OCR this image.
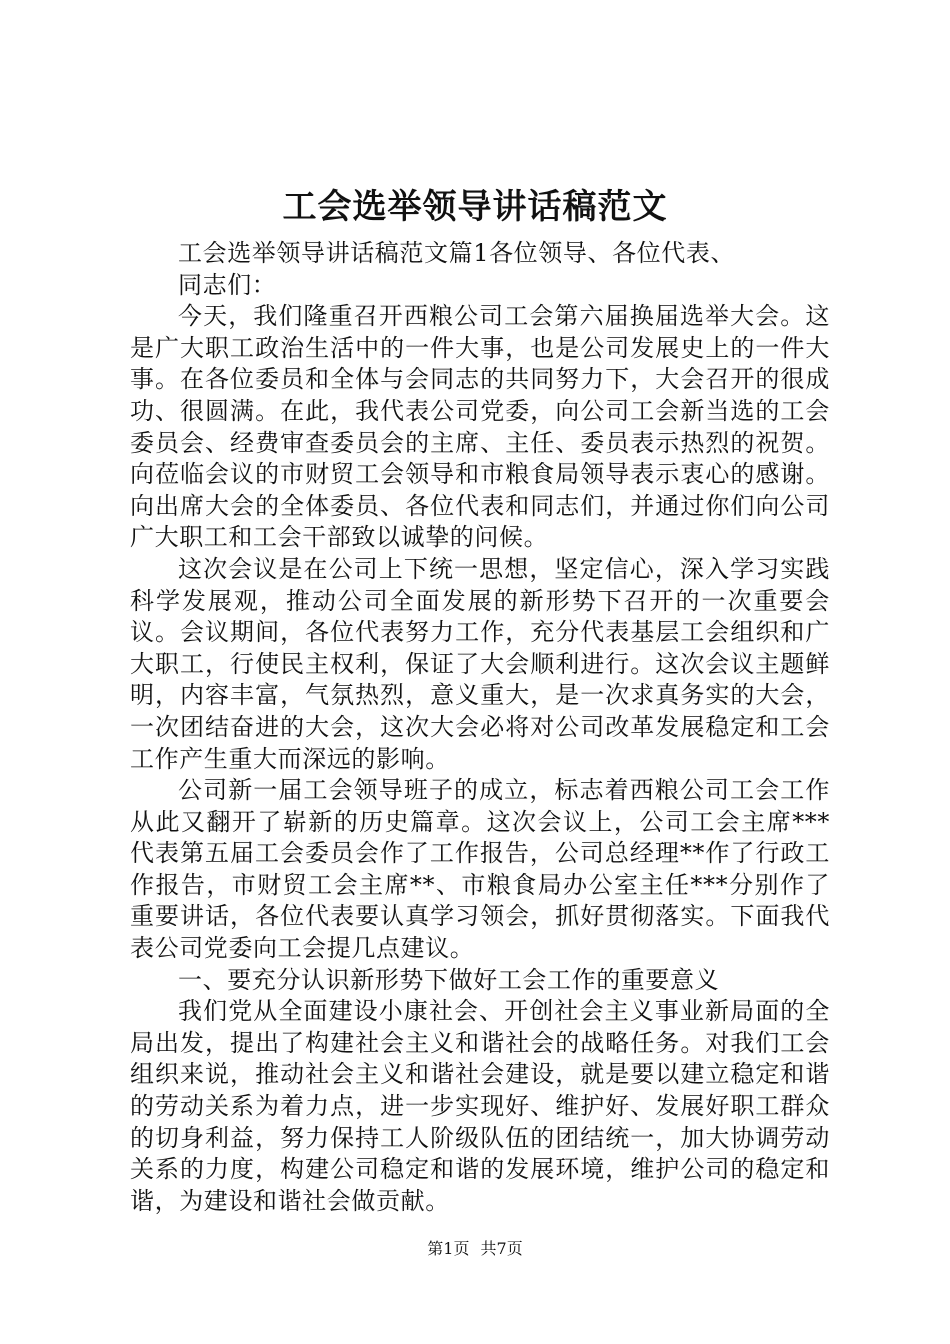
工会选举领导讲话稿范文

工会选举领导讲话稿范文篇1各位领导、各位代表、

同志们：

今天，我们隆重召开西粮公司工会第六届换届选举大会。这是广大职工政治生活中的一件大事，也是公司发展史上的一件大事。在各位委员和全体与会同志的共同努力下，大会召开的很成功、很圆满。在此，我代表公司党委，向公司工会新当选的工会委员会、经费审查委员会的主席、主任、委员表示热烈的祝贺。向莅临会议的市财贸工会领导和市粮食局领导表示衷心的感谢。向出席大会的全体委员、各位代表和同志们，并通过你们向公司广大职工和工会干部致以诚挚的问候。

这次会议是在公司上下统一思想，坚定信心，深入学习实践科学发展观，推动公司全面发展的新形势下召开的一次重要会议。会议期间，各位代表努力工作，充分代表基层工会组织和广大职工，行使民主权利，保证了大会顺利进行。这次会议主题鲜明，内容丰富，气氛热烈，意义重大，是一次求真务实的大会，一次团结奋进的大会，这次大会必将对公司改革发展稳定和工会工作产生重大而深远的影响。

公司新一届工会领导班子的成立，标志着西粮公司工会工作从此又翻开了崭新的历史篇章。这次会议上，公司工会主席***代表第五届工会委员会作了工作报告，公司总经理**作了行政工作报告，市财贸工会主席**、市粮食局办公室主任***分别作了重要讲话，各位代表要认真学习领会，抓好贯彻落实。下面我代表公司党委向工会提几点建议。

一、要充分认识新形势下做好工会工作的重要意义

我们党从全面建设小康社会、开创社会主义事业新局面的全局出发，提出了构建社会主义和谐社会的战略任务。对我们工会组织来说，推动社会主义和谐社会建设，就是要以建立稳定和谐的劳动关系为着力点，进一步实现好、维护好、发展好职工群众的切身利益，努力保持工人阶级队伍的团结统一，加大协调劳动关系的力度，构建公司稳定和谐的发展环境，维护公司的稳定和谐，为建设和谐社会做贡献。

第1页 共7页
